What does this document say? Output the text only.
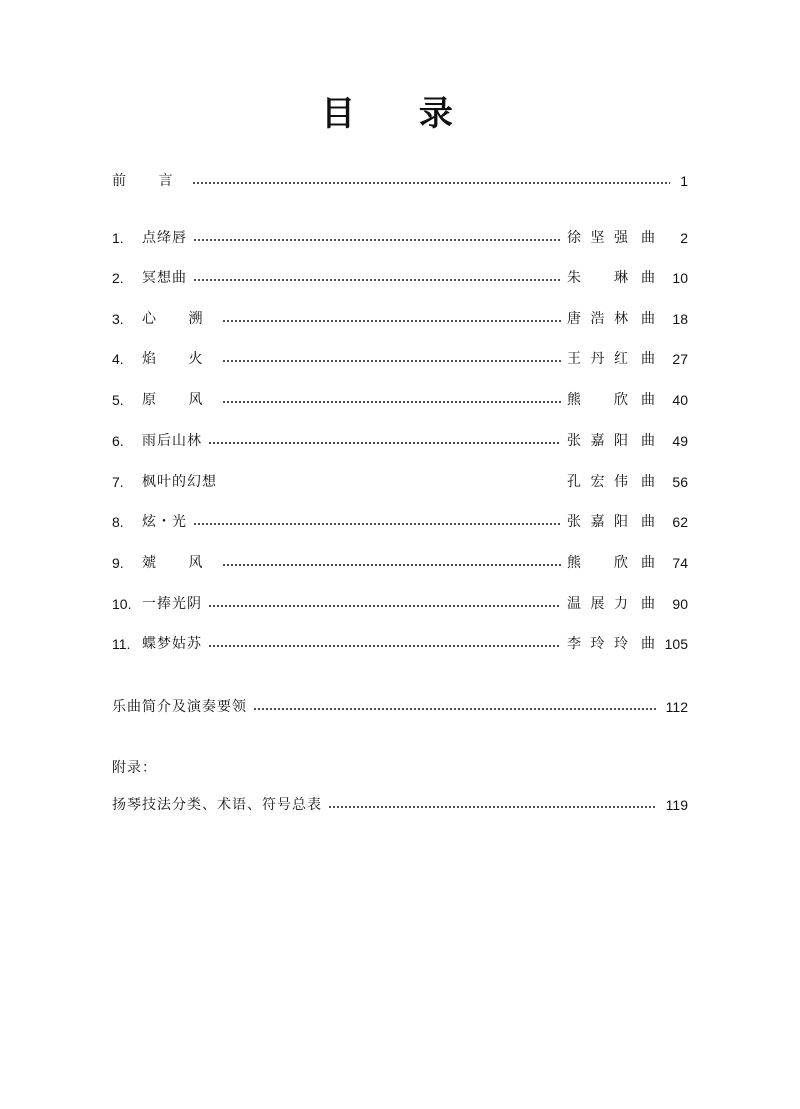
目 录
前 言	1
1.	点绛唇	徐坚强 曲	2
2.	冥想曲	朱 琳 曲	10
3.	心 溯	唐浩林 曲	18
4.	焰 火	王丹红 曲	27
5.	原 风	熊 欣 曲	40
6.	雨后山林	张嘉阳 曲	49
7.	枫叶的幻想	孔宏伟 曲	56
8.	炫・光	张嘉阳 曲	62
9.	虠 风	熊 欣 曲	74
10. 一捧光阴	温展力 曲	90
11. 蝶梦姑苏	李玲玲 曲 105
乐曲简介及演奏要领	112
附录：
扬琴技法分类、术语、符号总表	119
